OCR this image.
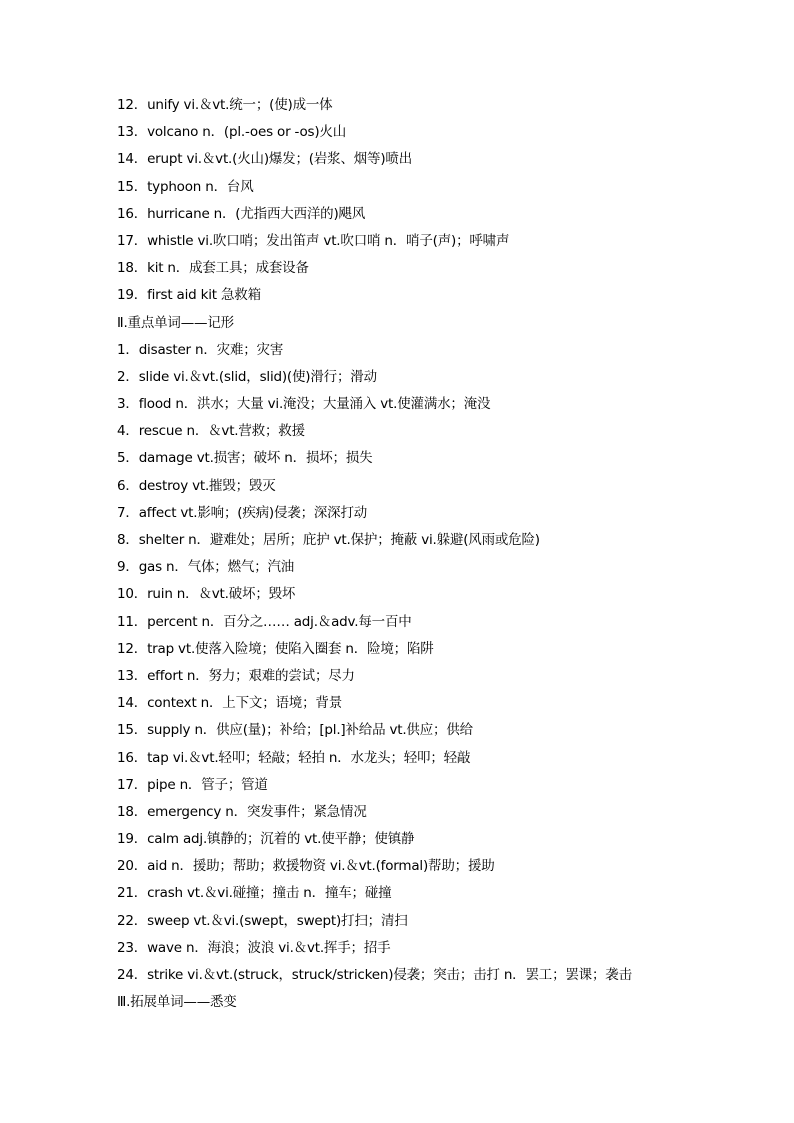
12．unify vi.＆vt.统一；(使)成一体
13．volcano n．(pl.-oes or -os)火山
14．erupt vi.＆vt.(火山)爆发；(岩浆、烟等)喷出
15．typhoon n．台风
16．hurricane n．(尤指西大西洋的)飓风
17．whistle vi.吹口哨；发出笛声 vt.吹口哨 n．哨子(声)；呼啸声
18．kit n．成套工具；成套设备
19．first aid kit 急救箱
Ⅱ.重点单词——记形
1．disaster n．灾难；灾害
2．slide vi.＆vt.(slid，slid)(使)滑行；滑动
3．flood n．洪水；大量 vi.淹没；大量涌入 vt.使灌满水；淹没
4．rescue n．＆vt.营救；救援
5．damage vt.损害；破坏 n．损坏；损失
6．destroy vt.摧毁；毁灭
7．affect vt.影响；(疾病)侵袭；深深打动
8．shelter n．避难处；居所；庇护 vt.保护；掩蔽 vi.躲避(风雨或危险)
9．gas n．气体；燃气；汽油
10．ruin n．＆vt.破坏；毁坏
11．percent n．百分之…… adj.＆adv.每一百中
12．trap vt.使落入险境；使陷入圈套 n．险境；陷阱
13．effort n．努力；艰难的尝试；尽力
14．context n．上下文；语境；背景
15．supply n．供应(量)；补给；[pl.]补给品 vt.供应；供给
16．tap vi.＆vt.轻叩；轻敲；轻拍 n．水龙头；轻叩；轻敲
17．pipe n．管子；管道
18．emergency n．突发事件；紧急情况
19．calm adj.镇静的；沉着的 vt.使平静；使镇静
20．aid n．援助；帮助；救援物资 vi.＆vt.(formal)帮助；援助
21．crash vt.＆vi.碰撞；撞击 n．撞车；碰撞
22．sweep vt.＆vi.(swept，swept)打扫；清扫
23．wave n．海浪；波浪 vi.＆vt.挥手；招手
24．strike vi.＆vt.(struck，struck/stricken)侵袭；突击；击打 n．罢工；罢课；袭击
Ⅲ.拓展单词——悉变
